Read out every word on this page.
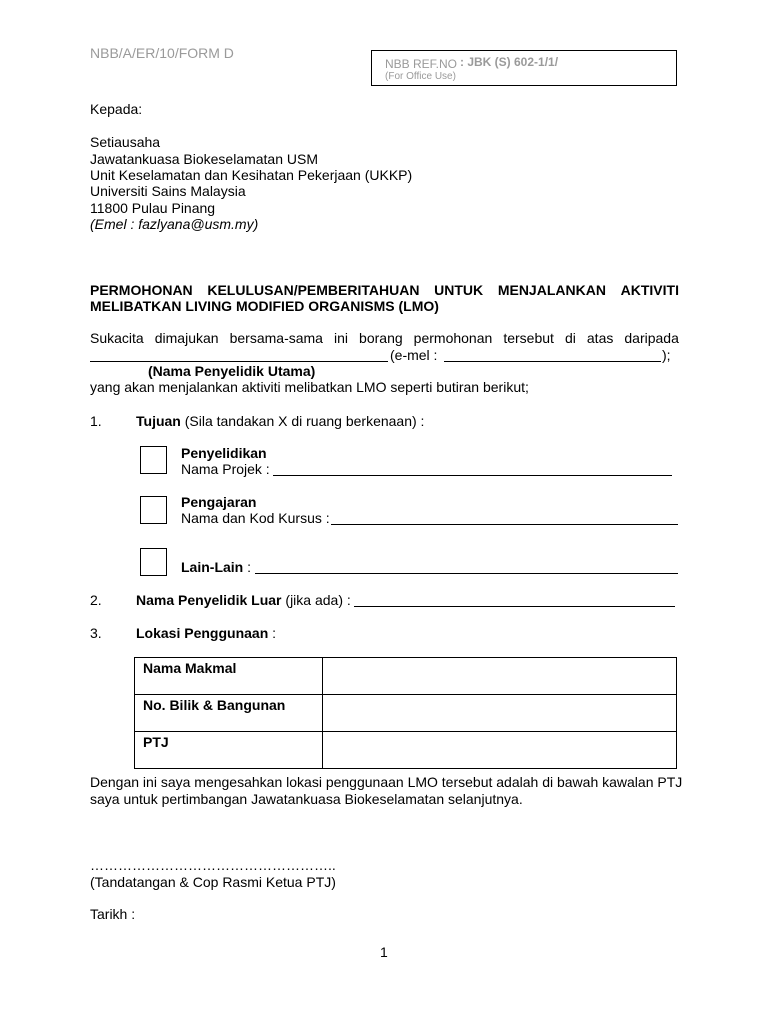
NBB/A/ER/10/FORM D
NBB REF.NO : JBK (S) 602-1/1/
(For Office Use)
Kepada:
Setiausaha
Jawatankuasa Biokeselamatan USM
Unit Keselamatan dan Kesihatan Pekerjaan (UKKP)
Universiti Sains Malaysia
11800 Pulau Pinang
(Emel : fazlyana@usm.my)
PERMOHONAN KELULUSAN/PEMBERITAHUAN UNTUK MENJALANKAN AKTIVITI
MELIBATKAN LIVING MODIFIED ORGANISMS (LMO)
Sukacita dimajukan bersama-sama ini borang permohonan tersebut di atas daripada
(e-mel :	);
(Nama Penyelidik Utama)
yang akan menjalankan aktiviti melibatkan LMO seperti butiran berikut;
1. Tujuan (Sila tandakan X di ruang berkenaan) :
Penyelidikan
Nama Projek :
Pengajaran
Nama dan Kod Kursus :
Lain-Lain :
2. Nama Penyelidik Luar (jika ada) :
3. Lokasi Penggunaan :
Nama Makmal	
No. Bilik & Bangunan	
PTJ	
Dengan ini saya mengesahkan lokasi penggunaan LMO tersebut adalah di bawah kawalan PTJ
saya untuk pertimbangan Jawatankuasa Biokeselamatan selanjutnya.
……………………………………………..
(Tandatangan & Cop Rasmi Ketua PTJ)
Tarikh :
1
